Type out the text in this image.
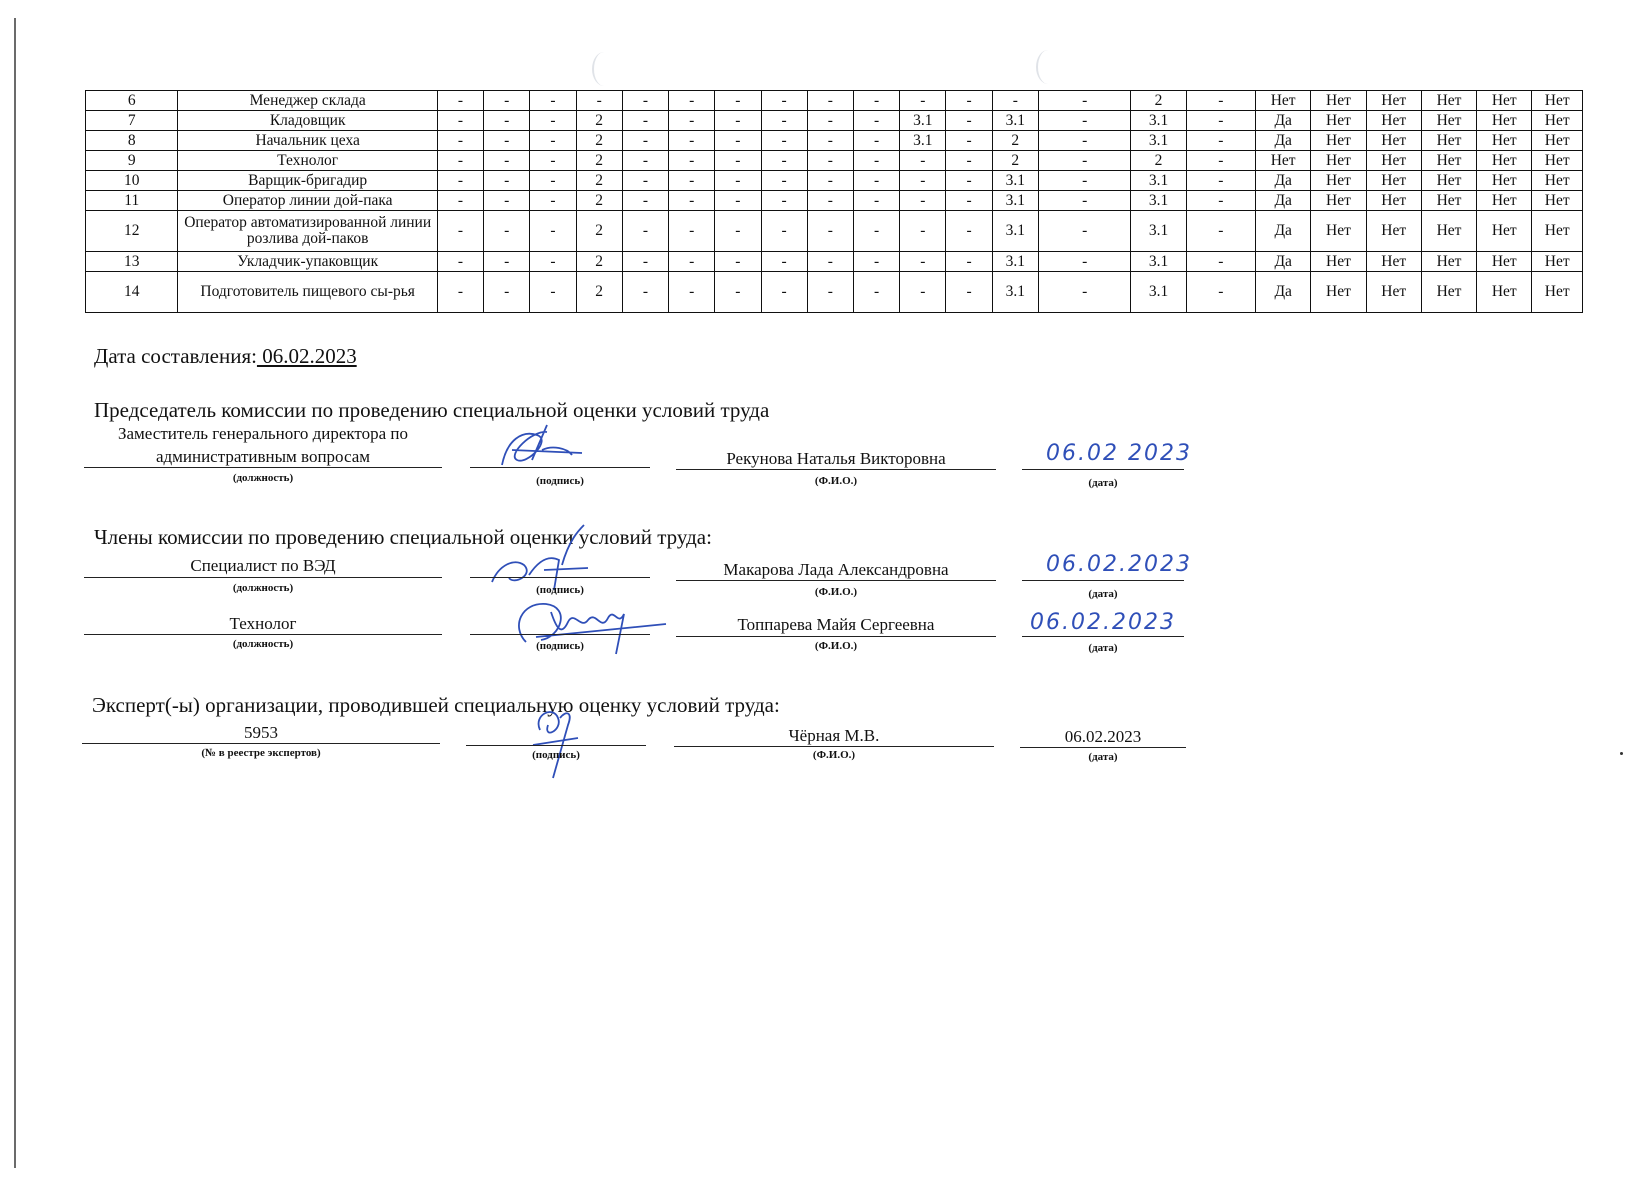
6	Менеджер склада	-	-	-	-	-	-	-	-	-	-	-	-	-	-	2	-	Нет	Нет	Нет	Нет	Нет	Нет
7	Кладовщик	-	-	-	2	-	-	-	-	-	-	3.1	-	3.1	-	3.1	-	Да	Нет	Нет	Нет	Нет	Нет
8	Начальник цеха	-	-	-	2	-	-	-	-	-	-	3.1	-	2	-	3.1	-	Да	Нет	Нет	Нет	Нет	Нет
9	Технолог	-	-	-	2	-	-	-	-	-	-	-	-	2	-	2	-	Нет	Нет	Нет	Нет	Нет	Нет
10	Варщик-бригадир	-	-	-	2	-	-	-	-	-	-	-	-	3.1	-	3.1	-	Да	Нет	Нет	Нет	Нет	Нет
11	Оператор линии дой-пака	-	-	-	2	-	-	-	-	-	-	-	-	3.1	-	3.1	-	Да	Нет	Нет	Нет	Нет	Нет
12	Оператор автоматизированной линии розлива дой-паков	-	-	-	2	-	-	-	-	-	-	-	-	3.1	-	3.1	-	Да	Нет	Нет	Нет	Нет	Нет
13	Укладчик-упаковщик	-	-	-	2	-	-	-	-	-	-	-	-	3.1	-	3.1	-	Да	Нет	Нет	Нет	Нет	Нет
14	Подготовитель пищевого сы-рья	-	-	-	2	-	-	-	-	-	-	-	-	3.1	-	3.1	-	Да	Нет	Нет	Нет	Нет	Нет
Дата составления: 06.02.2023
Председатель комиссии по проведению специальной оценки условий труда
Заместитель генерального директора по
административным вопросам
(должность)	(подпись)
Рекунова Наталья Викторовна
(Ф.И.О.)
06.02 2023
(дата)
Члены комиссии по проведению специальной оценки условий труда:
Специалист по ВЭД
(должность)	(подпись)
Макарова Лада Александровна
(Ф.И.О.)
06.02.2023
(дата)
Технолог
(должность)	(подпись)
Топпарева Майя Сергеевна
(Ф.И.О.)
06.02.2023
(дата)
Эксперт(-ы) организации, проводившей специальную оценку условий труда:
5953
(№ в реестре экспертов)	(подпись)
Чёрная М.В.
(Ф.И.О.)
06.02.2023
(дата)
